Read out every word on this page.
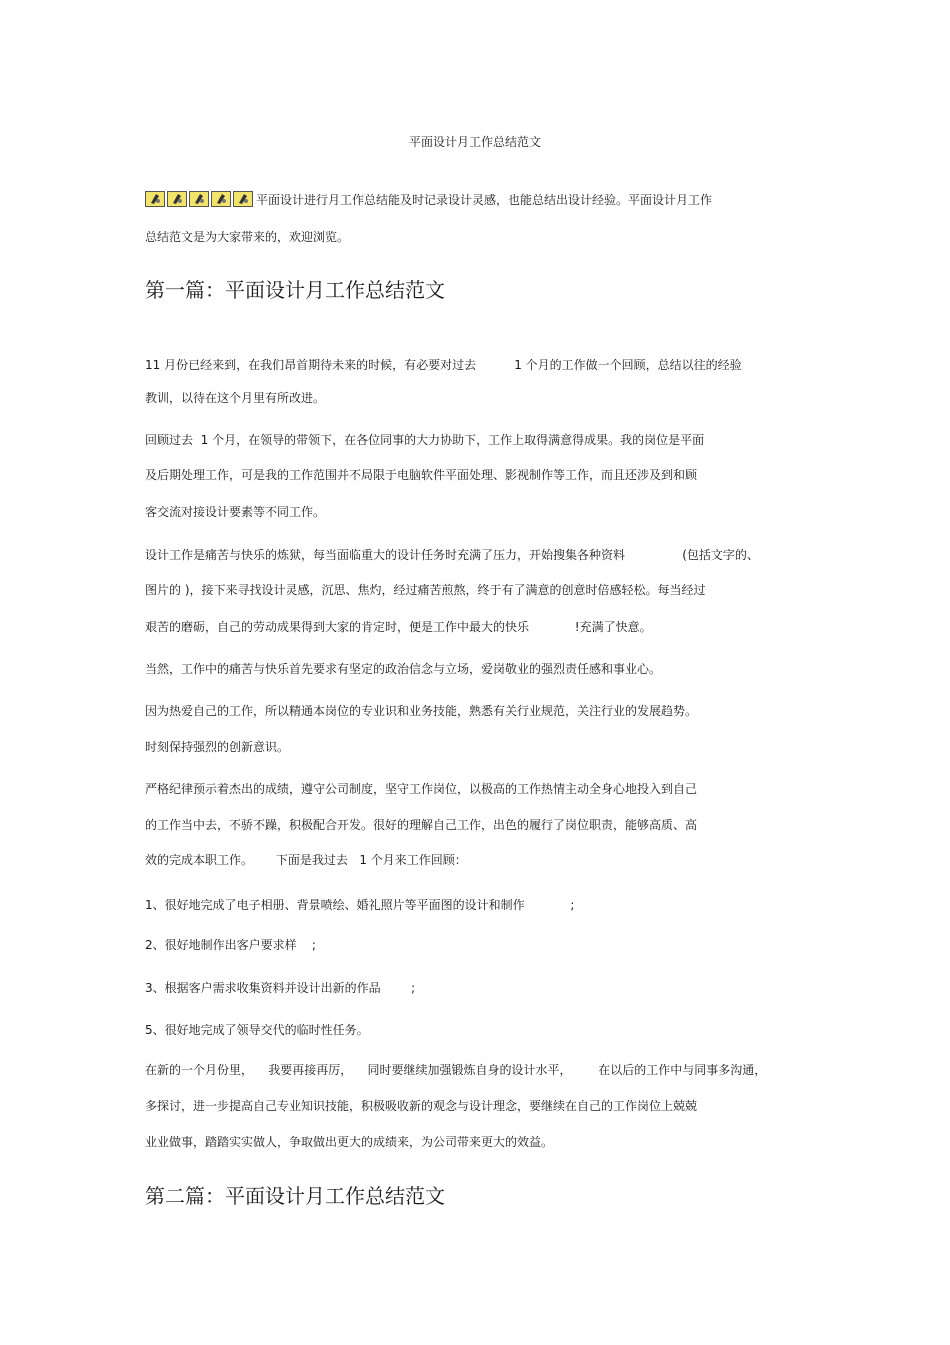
平面设计月工作总结范文

平面设计进行月工作总结能及时记录设计灵感，也能总结出设计经验。平面设计月工作

总结范文是为大家带来的，欢迎浏览。

第一篇：平面设计月工作总结范文

11 月份已经来到，在我们昂首期待未来的时候，有必要对过去          1 个月的工作做一个回顾，总结以往的经验

教训，以待在这个月里有所改进。

回顾过去  1 个月，在领导的带领下，在各位同事的大力协助下，工作上取得满意得成果。我的岗位是平面

及后期处理工作，可是我的工作范围并不局限于电脑软件平面处理、影视制作等工作，而且还涉及到和顾

客交流对接设计要素等不同工作。

设计工作是痛苦与快乐的炼狱，每当面临重大的设计任务时充满了压力，开始搜集各种资料               (包括文字的、

图片的 )，接下来寻找设计灵感，沉思、焦灼，经过痛苦煎熬，终于有了满意的创意时倍感轻松。每当经过

艰苦的磨砺，自己的劳动成果得到大家的肯定时，便是工作中最大的快乐            !充满了快意。

当然，工作中的痛苦与快乐首先要求有坚定的政治信念与立场，爱岗敬业的强烈责任感和事业心。

因为热爱自己的工作，所以精通本岗位的专业识和业务技能，熟悉有关行业规范，关注行业的发展趋势。

时刻保持强烈的创新意识。

严格纪律预示着杰出的成绩，遵守公司制度，坚守工作岗位，以极高的工作热情主动全身心地投入到自己

的工作当中去，不骄不躁，积极配合开发。很好的理解自己工作，出色的履行了岗位职责，能够高质、高

效的完成本职工作。      下面是我过去   1 个月来工作回顾：

1、很好地完成了电子相册、背景喷绘、婚礼照片等平面图的设计和制作            ;

2、很好地制作出客户要求样    ;

3、根据客户需求收集资料并设计出新的作品        ;

5、很好地完成了领导交代的临时性任务。

在新的一个月份里，    我要再接再厉，    同时要继续加强锻炼自身的设计水平，       在以后的工作中与同事多沟通，

多探讨，进一步提高自己专业知识技能，积极吸收新的观念与设计理念，要继续在自己的工作岗位上兢兢

业业做事，踏踏实实做人，争取做出更大的成绩来，为公司带来更大的效益。

第二篇：平面设计月工作总结范文
